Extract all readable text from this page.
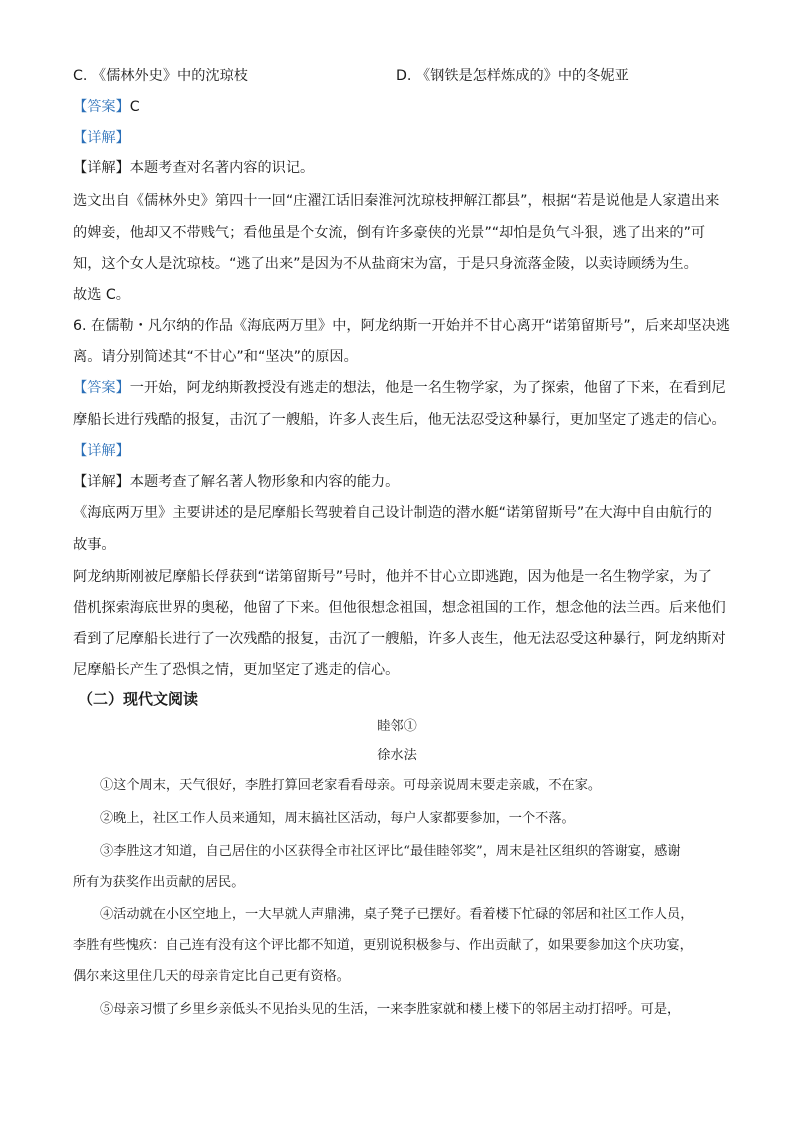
C. 《儒林外史》中的沈琼枝	D. 《钢铁是怎样炼成的》中的冬妮亚
【答案】C
【详解】
【详解】本题考查对名著内容的识记。
选文出自《儒林外史》第四十一回“庄濯江话旧秦淮河沈琼枝押解江都县”，根据“若是说他是人家遣出来
的婢妾，他却又不带贱气；看他虽是个女流，倒有许多豪侠的光景”“却怕是负气斗狠，逃了出来的”可
知，这个女人是沈琼枝。“逃了出来”是因为不从盐商宋为富，于是只身流落金陵，以卖诗顾绣为生。
故选 C。
6. 在儒勒・凡尔纳的作品《海底两万里》中，阿龙纳斯一开始并不甘心离开“诺第留斯号”，后来却坚决逃
离。请分别简述其“不甘心”和“坚决”的原因。
【答案】一开始，阿龙纳斯教授没有逃走的想法，他是一名生物学家，为了探索，他留了下来，在看到尼
摩船长进行残酷的报复，击沉了一艘船，许多人丧生后，他无法忍受这种暴行，更加坚定了逃走的信心。
【详解】
【详解】本题考查了解名著人物形象和内容的能力。
《海底两万里》主要讲述的是尼摩船长驾驶着自己设计制造的潜水艇“诺第留斯号”在大海中自由航行的
故事。
阿龙纳斯刚被尼摩船长俘获到“诺第留斯号”号时，他并不甘心立即逃跑，因为他是一名生物学家，为了
借机探索海底世界的奥秘，他留了下来。但他很想念祖国，想念祖国的工作，想念他的法兰西。后来他们
看到了尼摩船长进行了一次残酷的报复，击沉了一艘船，许多人丧生，他无法忍受这种暴行，阿龙纳斯对
尼摩船长产生了恐惧之情，更加坚定了逃走的信心。
（二）现代文阅读
睦邻①
徐水法
①这个周末，天气很好，李胜打算回老家看看母亲。可母亲说周末要走亲戚，不在家。
②晚上，社区工作人员来通知，周末搞社区活动，每户人家都要参加，一个不落。
③李胜这才知道，自己居住的小区获得全市社区评比“最佳睦邻奖”，周末是社区组织的答谢宴，感谢
所有为获奖作出贡献的居民。
④活动就在小区空地上，一大早就人声鼎沸，桌子凳子已摆好。看着楼下忙碌的邻居和社区工作人员，
李胜有些愧疚：自己连有没有这个评比都不知道，更别说积极参与、作出贡献了，如果要参加这个庆功宴，
偶尔来这里住几天的母亲肯定比自己更有资格。
⑤母亲习惯了乡里乡亲低头不见抬头见的生活，一来李胜家就和楼上楼下的邻居主动打招呼。可是，
